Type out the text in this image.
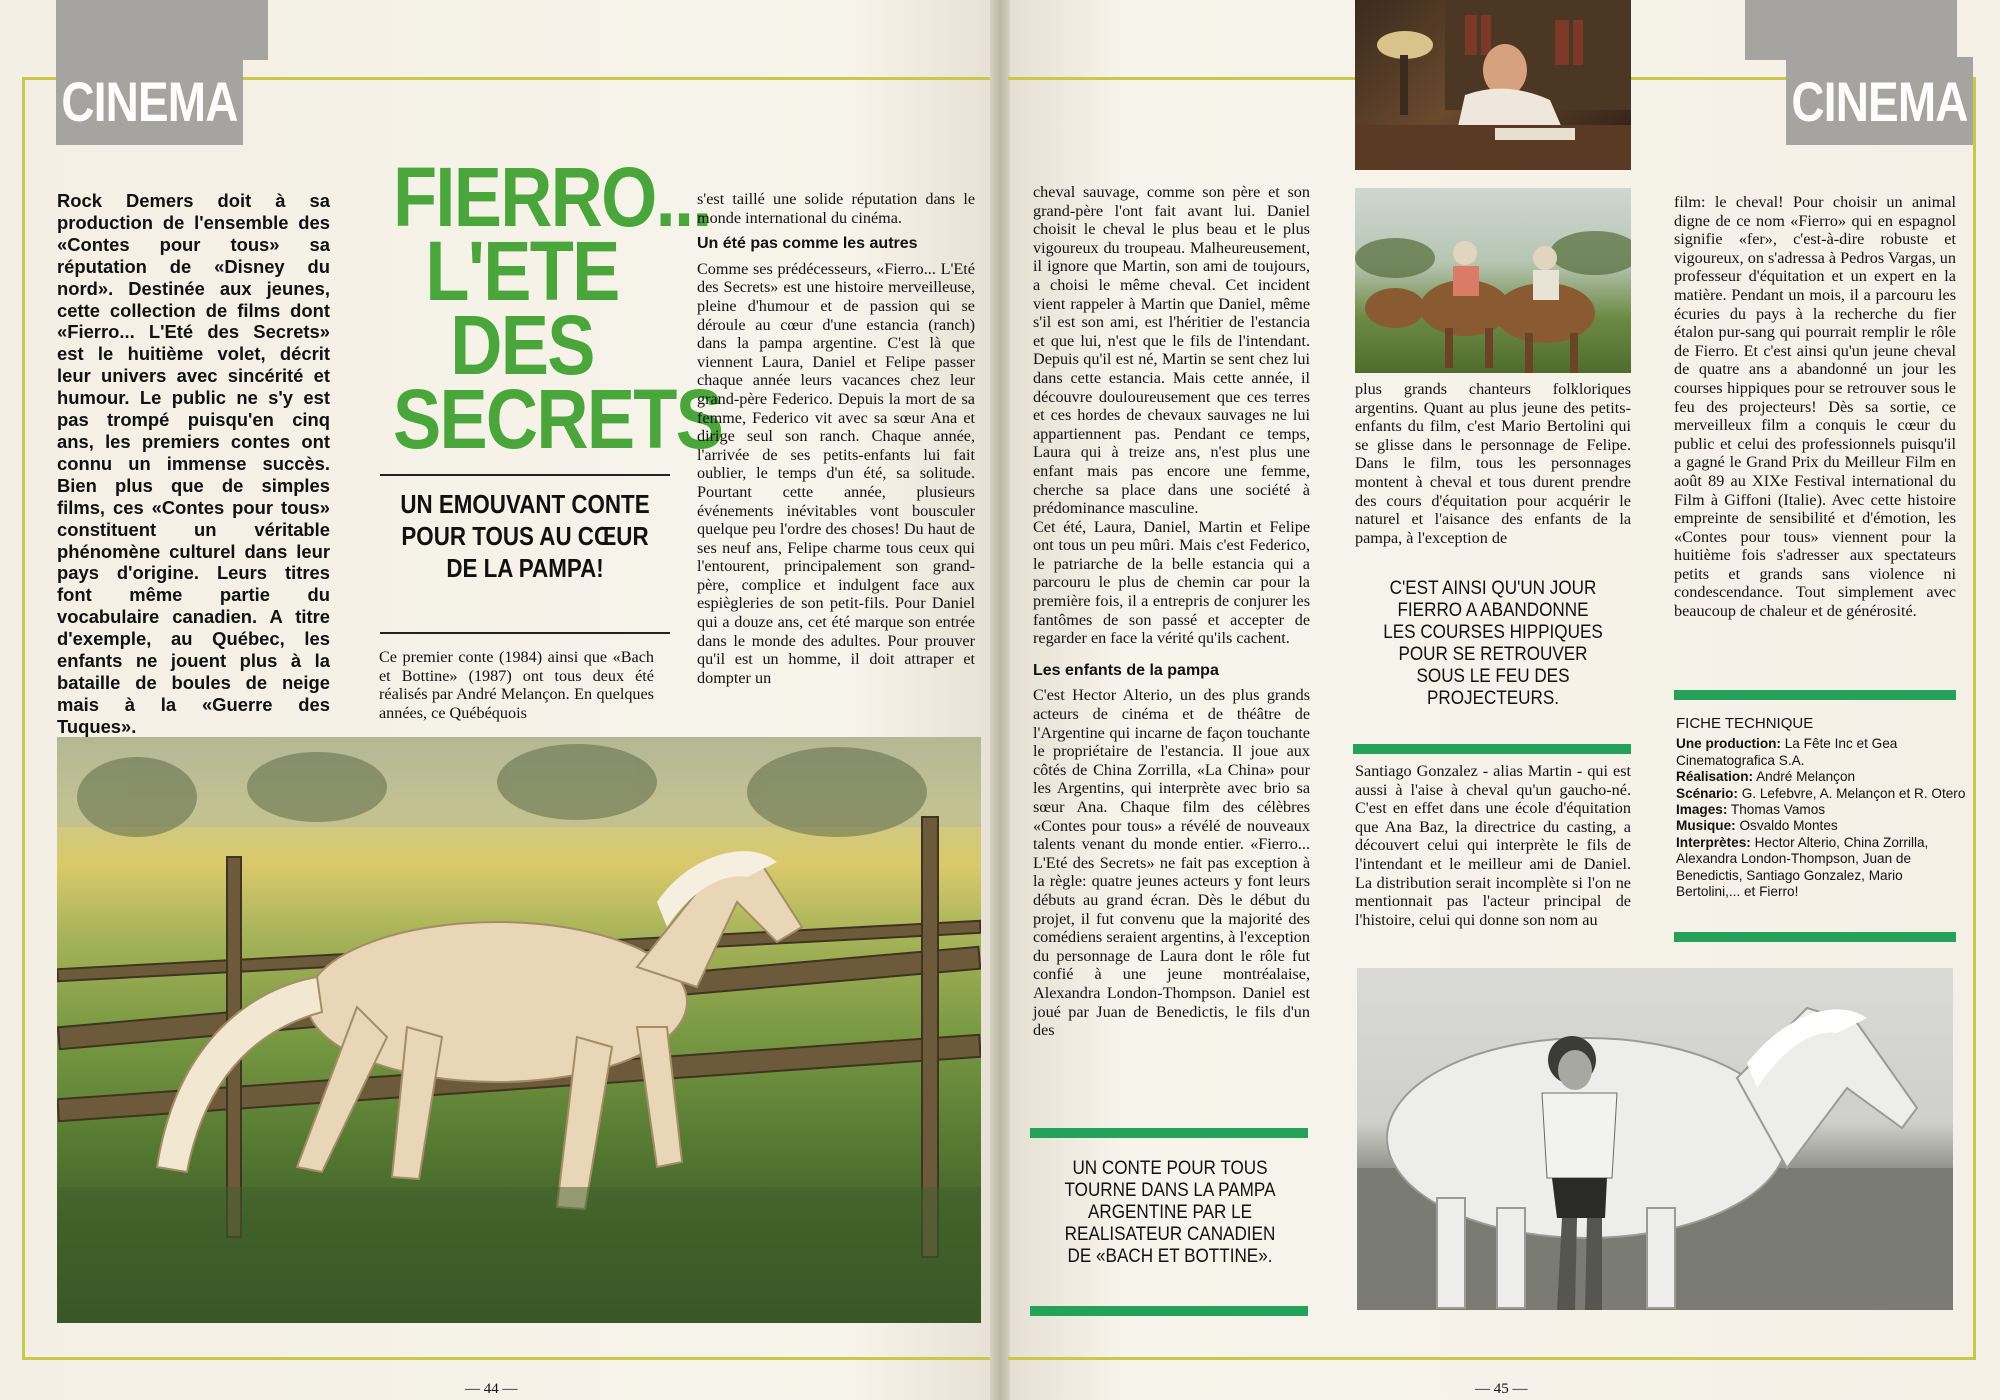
CINEMA	CINEMA
Rock Demers doit à sa production de l'ensemble des «Contes pour tous» sa réputation de «Disney du nord». Destinée aux jeunes, cette collection de films dont «Fierro... L'Eté des Secrets» est le huitième volet, décrit leur univers avec sincérité et humour. Le public ne s'y est pas trompé puisqu'en cinq ans, les premiers contes ont connu un immense succès. Bien plus que de simples films, ces «Contes pour tous» constituent un véritable phénomène culturel dans leur pays d'origine. Leurs titres font même partie du vocabulaire canadien. A titre d'exemple, au Québec, les enfants ne jouent plus à la bataille de boules de neige mais à la «Guerre des Tuques».
FIERRO... L'ETE DES SECRETS
UN EMOUVANT CONTE POUR TOUS AU CŒUR DE LA PAMPA!
Ce premier conte (1984) ainsi que «Bach et Bottine» (1987) ont tous deux été réalisés par André Melançon. En quelques années, ce Québéquois

s'est taillé une solide réputation dans le monde international du cinéma.

Un été pas comme les autres

Comme ses prédécesseurs, «Fierro... L'Eté des Secrets» est une histoire merveilleuse, pleine d'humour et de passion qui se déroule au cœur d'une estancia (ranch) dans la pampa argentine. C'est là que viennent Laura, Daniel et Felipe passer chaque année leurs vacances chez leur grand-père Federico. Depuis la mort de sa femme, Federico vit avec sa sœur Ana et dirige seul son ranch. Chaque année, l'arrivée de ses petits-enfants lui fait oublier, le temps d'un été, sa solitude. Pourtant cette année, plusieurs événements inévitables vont bousculer quelque peu l'ordre des choses! Du haut de ses neuf ans, Felipe charme tous ceux qui l'entourent, principalement son grand-père, complice et indulgent face aux espiègleries de son petit-fils. Pour Daniel qui a douze ans, cet été marque son entrée dans le monde des adultes. Pour prouver qu'il est un homme, il doit attraper et dompter un

— 44 —

cheval sauvage, comme son père et son grand-père l'ont fait avant lui. Daniel choisit le cheval le plus beau et le plus vigoureux du troupeau. Malheureusement, il ignore que Martin, son ami de toujours, a choisi le même cheval. Cet incident vient rappeler à Martin que Daniel, même s'il est son ami, est l'héritier de l'estancia et que lui, n'est que le fils de l'intendant. Depuis qu'il est né, Martin se sent chez lui dans cette estancia. Mais cette année, il découvre douloureusement que ces terres et ces hordes de chevaux sauvages ne lui appartiennent pas. Pendant ce temps, Laura qui à treize ans, n'est plus une enfant mais pas encore une femme, cherche sa place dans une société à prédominance masculine.

Cet été, Laura, Daniel, Martin et Felipe ont tous un peu mûri. Mais c'est Federico, le patriarche de la belle estancia qui a parcouru le plus de chemin car pour la première fois, il a entrepris de conjurer les fantômes de son passé et accepter de regarder en face la vérité qu'ils cachent.

Les enfants de la pampa

C'est Hector Alterio, un des plus grands acteurs de cinéma et de théâtre de l'Argentine qui incarne de façon touchante le propriétaire de l'estancia. Il joue aux côtés de China Zorrilla, «La China» pour les Argentins, qui interprète avec brio sa sœur Ana. Chaque film des célèbres «Contes pour tous» a révélé de nouveaux talents venant du monde entier. «Fierro... L'Eté des Secrets» ne fait pas exception à la règle: quatre jeunes acteurs y font leurs débuts au grand écran. Dès le début du projet, il fut convenu que la majorité des comédiens seraient argentins, à l'exception du personnage de Laura dont le rôle fut confié à une jeune montréalaise, Alexandra London-Thompson. Daniel est joué par Juan de Benedictis, le fils d'un des

UN CONTE POUR TOUS TOURNE DANS LA PAMPA ARGENTINE PAR LE REALISATEUR CANADIEN DE «BACH ET BOTTINE».
plus grands chanteurs folkloriques argentins. Quant au plus jeune des petits-enfants du film, c'est Mario Bertolini qui se glisse dans le personnage de Felipe. Dans le film, tous les personnages montent à cheval et tous durent prendre des cours d'équitation pour acquérir le naturel et l'aisance des enfants de la pampa, à l'exception de
C'EST AINSI QU'UN JOUR FIERRO A ABANDONNE LES COURSES HIPPIQUES POUR SE RETROUVER SOUS LE FEU DES PROJECTEURS.
Santiago Gonzalez - alias Martin - qui est aussi à l'aise à cheval qu'un gaucho-né. C'est en effet dans une école d'équitation que Ana Baz, la directrice du casting, a découvert celui qui interprète le fils de l'intendant et le meilleur ami de Daniel. La distribution serait incomplète si l'on ne mentionnait pas l'acteur principal de l'histoire, celui qui donne son nom au
film: le cheval! Pour choisir un animal digne de ce nom «Fierro» qui en espagnol signifie «fer», c'est-à-dire robuste et vigoureux, on s'adressa à Pedros Vargas, un professeur d'équitation et un expert en la matière. Pendant un mois, il a parcouru les écuries du pays à la recherche du fier étalon pur-sang qui pourrait remplir le rôle de Fierro. Et c'est ainsi qu'un jeune cheval de quatre ans a abandonné un jour les courses hippiques pour se retrouver sous le feu des projecteurs! Dès sa sortie, ce merveilleux film a conquis le cœur du public et celui des professionnels puisqu'il a gagné le Grand Prix du Meilleur Film en août 89 au XIXe Festival international du Film à Giffoni (Italie). Avec cette histoire empreinte de sensibilité et d'émotion, les «Contes pour tous» viennent pour la huitième fois s'adresser aux spectateurs petits et grands sans violence ni condescendance. Tout simplement avec beaucoup de chaleur et de générosité.
FICHE TECHNIQUE
Une production: La Fête Inc et Gea Cinematografica S.A.
Réalisation: André Melançon
Scénario: G. Lefebvre, A. Melançon et R. Otero
Images: Thomas Vamos
Musique: Osvaldo Montes
Interprètes: Hector Alterio, China Zorrilla, Alexandra London-Thompson, Juan de Benedictis, Santiago Gonzalez, Mario Bertolini,... et Fierro!
— 45 —
